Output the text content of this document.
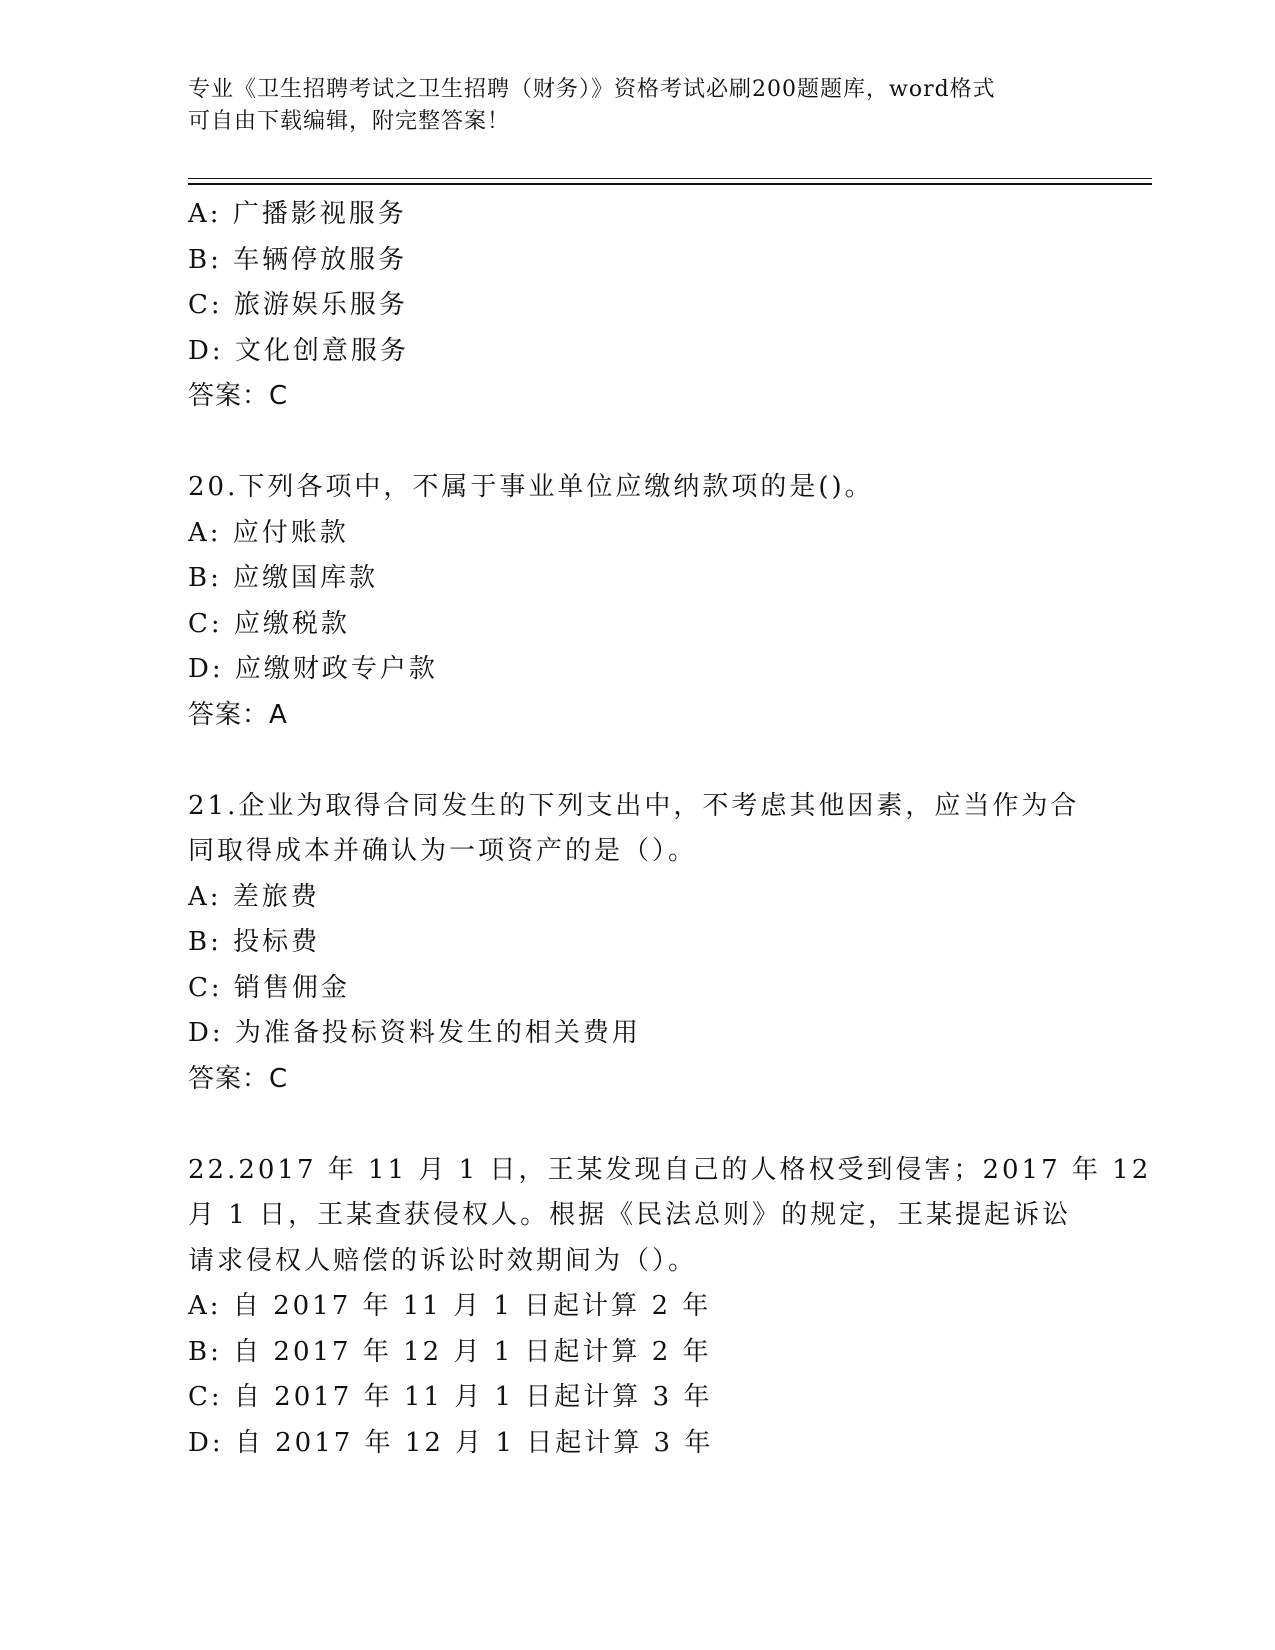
专业《卫生招聘考试之卫生招聘（财务）》资格考试必刷200题题库，word格式
可自由下载编辑，附完整答案！
A: 广播影视服务
B: 车辆停放服务
C: 旅游娱乐服务
D: 文化创意服务
答案：C
20.下列各项中，不属于事业单位应缴纳款项的是()。
A: 应付账款
B: 应缴国库款
C: 应缴税款
D: 应缴财政专户款
答案：A
21.企业为取得合同发生的下列支出中，不考虑其他因素，应当作为合
同取得成本并确认为一项资产的是（）。
A: 差旅费
B: 投标费
C: 销售佣金
D: 为准备投标资料发生的相关费用
答案：C
22.2017 年 11 月 1 日，王某发现自己的人格权受到侵害；2017 年 12
月 1 日，王某查获侵权人。根据《民法总则》的规定，王某提起诉讼
请求侵权人赔偿的诉讼时效期间为（）。
A: 自 2017 年 11 月 1 日起计算 2 年
B: 自 2017 年 12 月 1 日起计算 2 年
C: 自 2017 年 11 月 1 日起计算 3 年
D: 自 2017 年 12 月 1 日起计算 3 年
